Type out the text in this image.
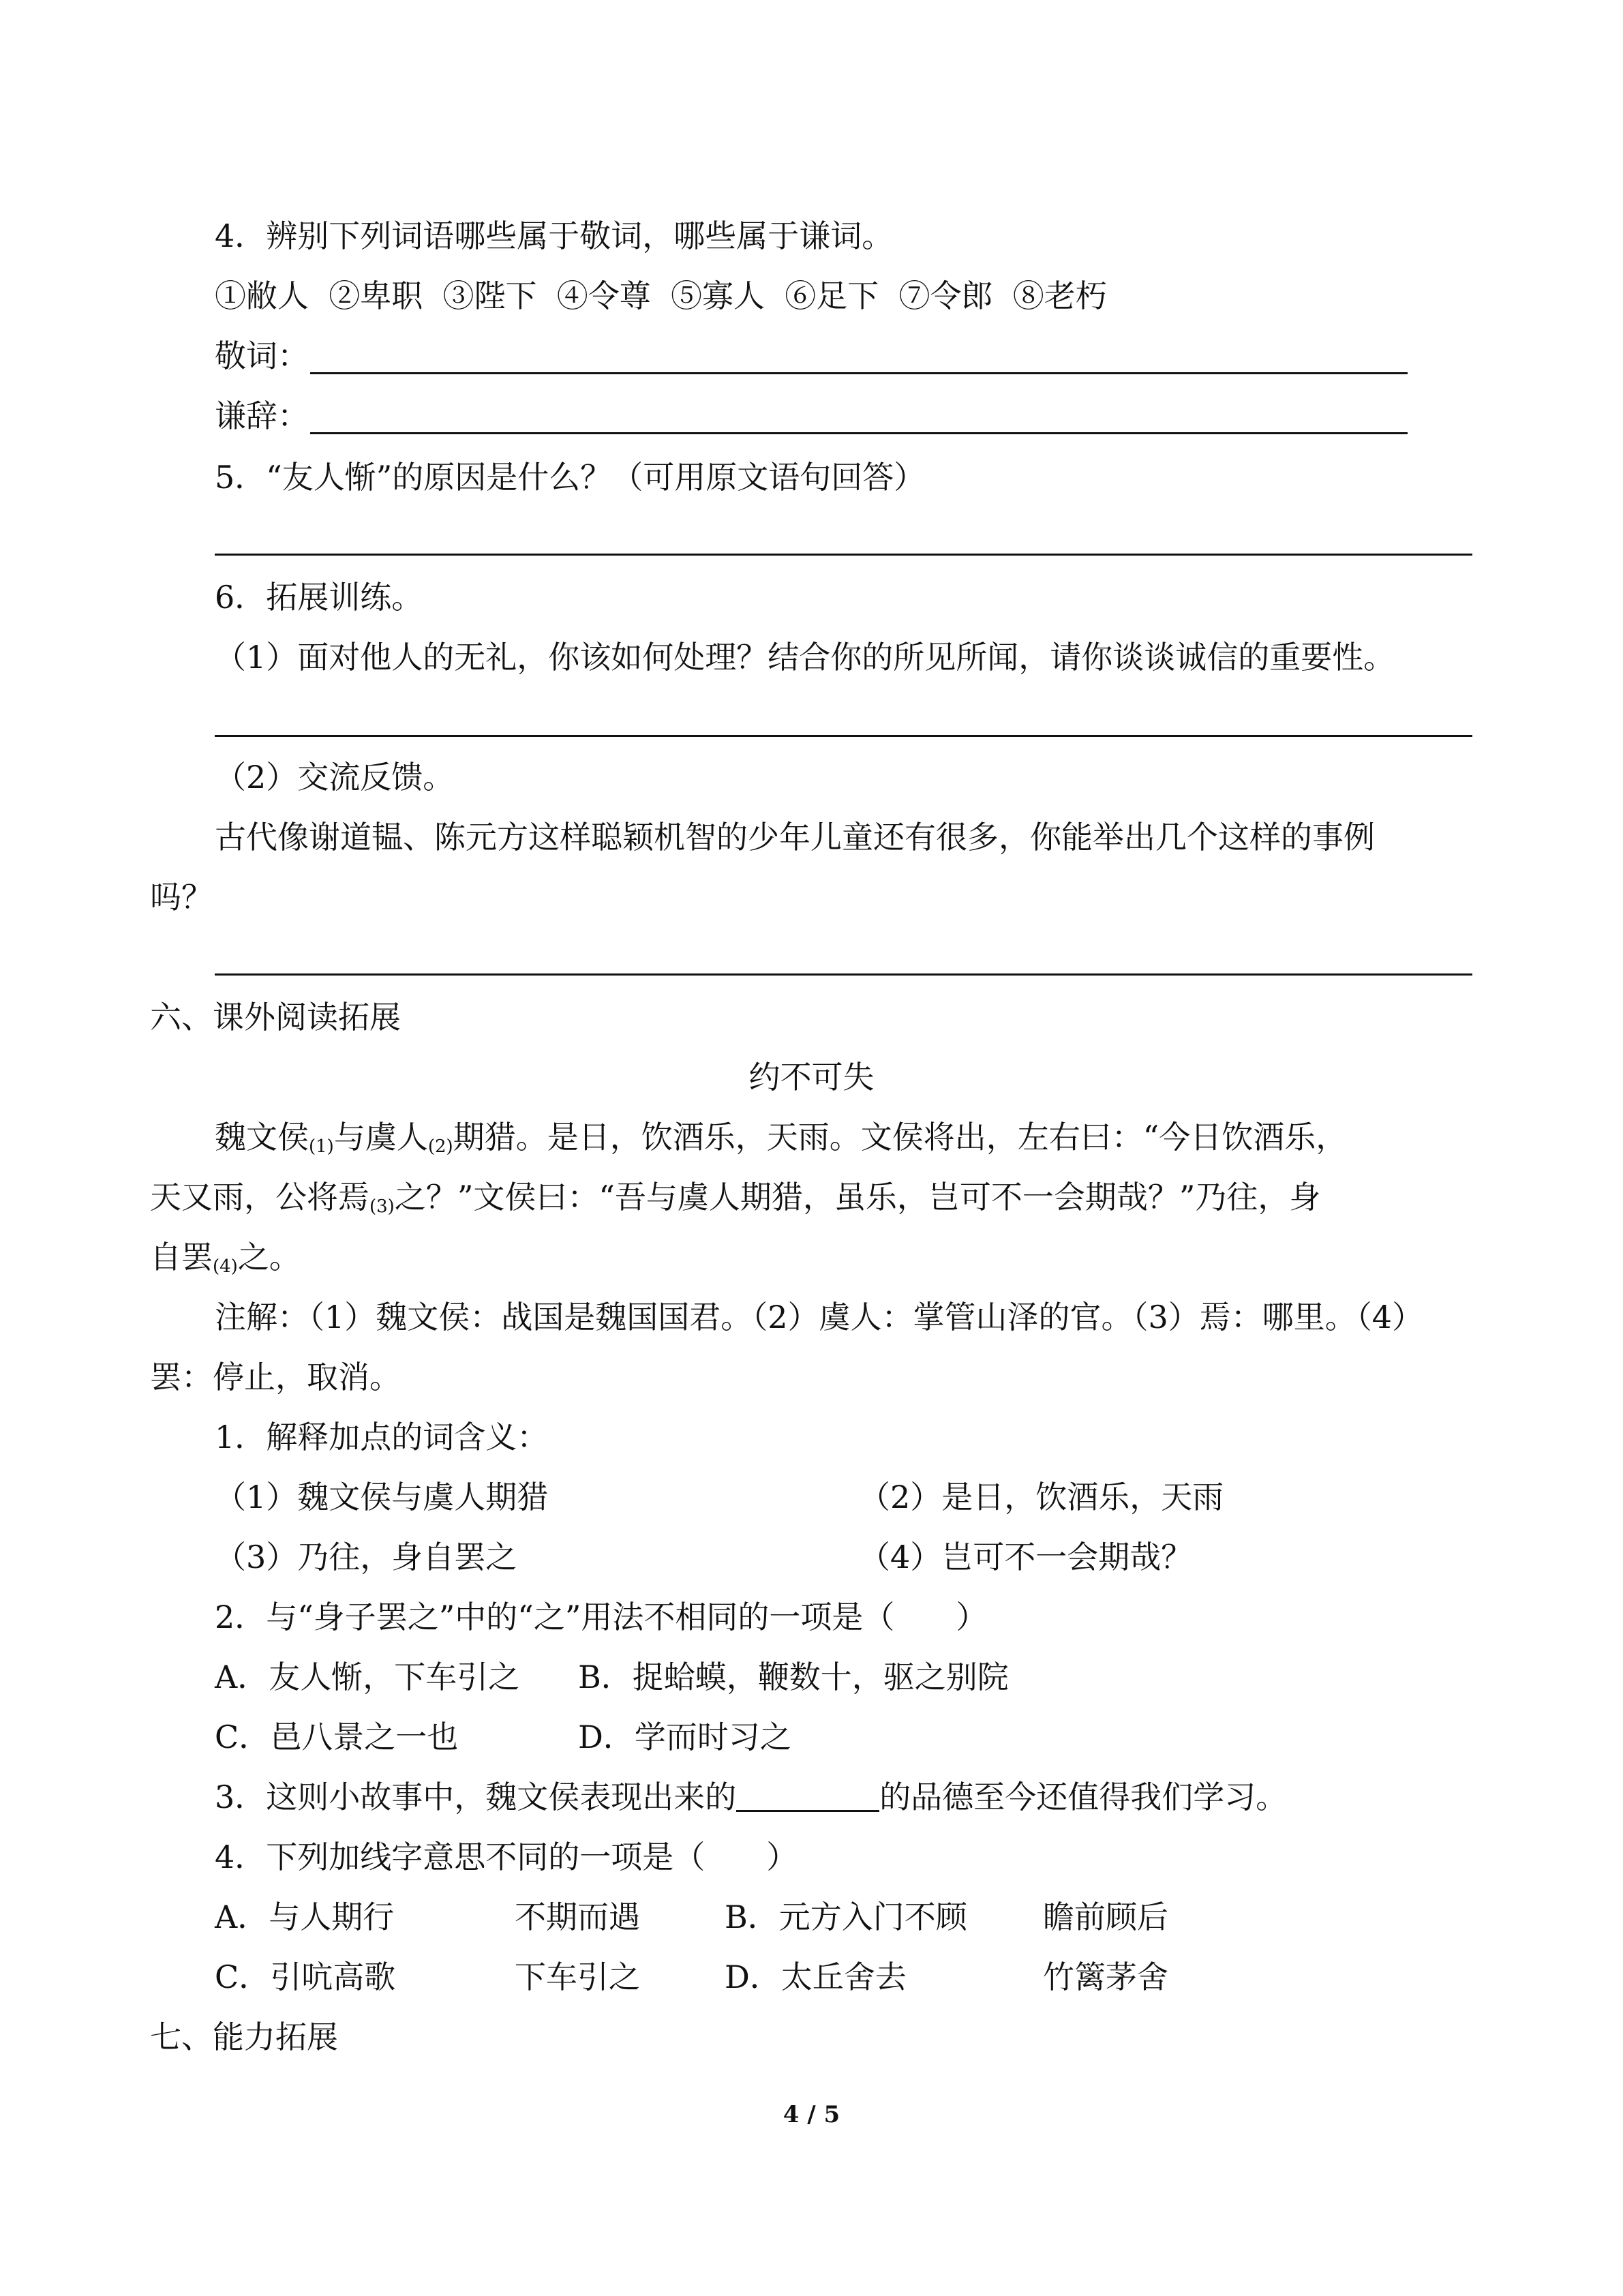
4．辨别下列词语哪些属于敬词，哪些属于谦词。
①敝人  ②卑职  ③陛下  ④令尊  ⑤寡人  ⑥足下  ⑦令郎  ⑧老朽
敬词：
谦辞：
5．“友人惭”的原因是什么？（可用原文语句回答）
6．拓展训练。
（1）面对他人的无礼，你该如何处理？结合你的所见所闻，请你谈谈诚信的重要性。
（2）交流反馈。
古代像谢道韫、陈元方这样聪颖机智的少年儿童还有很多，你能举出几个这样的事例
吗？
六、课外阅读拓展
约不可失
魏文侯$_{(1)}$与虞人$_{(2)}$期猎。是日，饮酒乐，天雨。文侯将出，左右曰：“今日饮酒乐，
天又雨，公将焉$_{(3)}$之？”文侯曰：“吾与虞人期猎，虽乐，岂可不一会期哉？”乃往，身
自罢$_{(4)}$之。
注解：（1）魏文侯：战国是魏国国君。（2）虞人：掌管山泽的官。（3）焉：哪里。（4）
罢：停止，取消。
1．解释加点的词含义：
（1）魏文侯与虞人期猎	（2）是日，饮酒乐，天雨
（3）乃往，身自罢之	（4）岂可不一会期哉？
2．与“身子罢之”中的“之”用法不相同的一项是（ ）
A．友人惭，下车引之 B．捉蛤蟆，鞭数十，驱之别院
C．邑八景之一也	D．学而时习之
3．这则小故事中，魏文侯表现出来的	的品德至今还值得我们学习。
4．下列加线字意思不同的一项是（ ）
A．与人期行	不期而遇	B．元方入门不顾 瞻前顾后
C．引吭高歌	下车引之	D．太丘舍去	竹篱茅舍
七、能力拓展
4 / 5
